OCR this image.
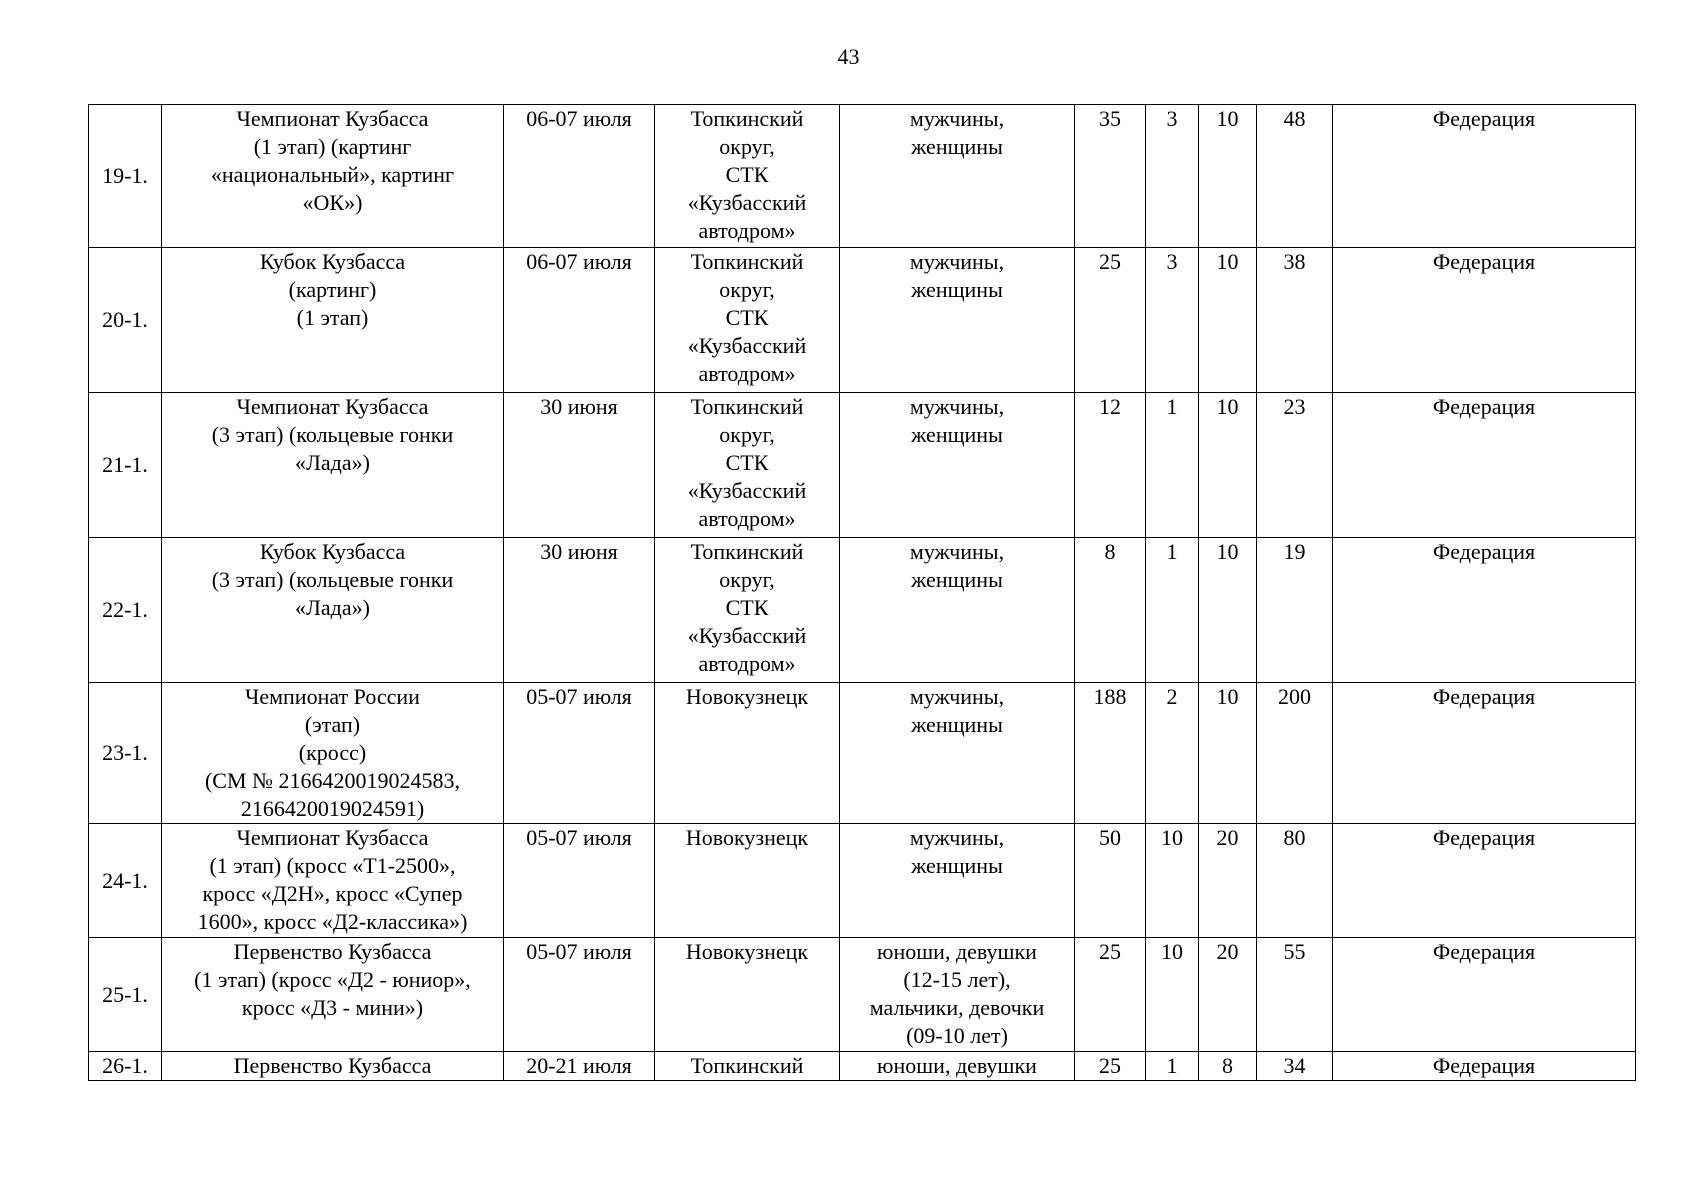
43
19-1.	Чемпионат Кузбасса
(1 этап) (картинг
«национальный», картинг
«ОК»)	06-07 июля	Топкинский
округ,
СТК
«Кузбасский
автодром»	мужчины,
женщины	35	3	10	48	Федерация
20-1.	Кубок Кузбасса
(картинг)
(1 этап)	06-07 июля	Топкинский
округ,
СТК
«Кузбасский
автодром»	мужчины,
женщины	25	3	10	38	Федерация
21-1.	Чемпионат Кузбасса
(3 этап) (кольцевые гонки
«Лада»)	30 июня	Топкинский
округ,
СТК
«Кузбасский
автодром»	мужчины,
женщины	12	1	10	23	Федерация
22-1.	Кубок Кузбасса
(3 этап) (кольцевые гонки
«Лада»)	30 июня	Топкинский
округ,
СТК
«Кузбасский
автодром»	мужчины,
женщины	8	1	10	19	Федерация
23-1.	Чемпионат России
(этап)
(кросс)
(СМ № 2166420019024583,
2166420019024591)	05-07 июля	Новокузнецк	мужчины,
женщины	188	2	10	200	Федерация
24-1.	Чемпионат Кузбасса
(1 этап) (кросс «Т1-2500»,
кросс «Д2Н», кросс «Супер
1600», кросс «Д2-классика»)	05-07 июля	Новокузнецк	мужчины,
женщины	50	10	20	80	Федерация
25-1.	Первенство Кузбасса
(1 этап) (кросс «Д2 - юниор»,
кросс «Д3 - мини»)	05-07 июля	Новокузнецк	юноши, девушки
(12-15 лет),
мальчики, девочки
(09-10 лет)	25	10	20	55	Федерация
26-1.	Первенство Кузбасса	20-21 июля	Топкинский	юноши, девушки	25	1	8	34	Федерация
